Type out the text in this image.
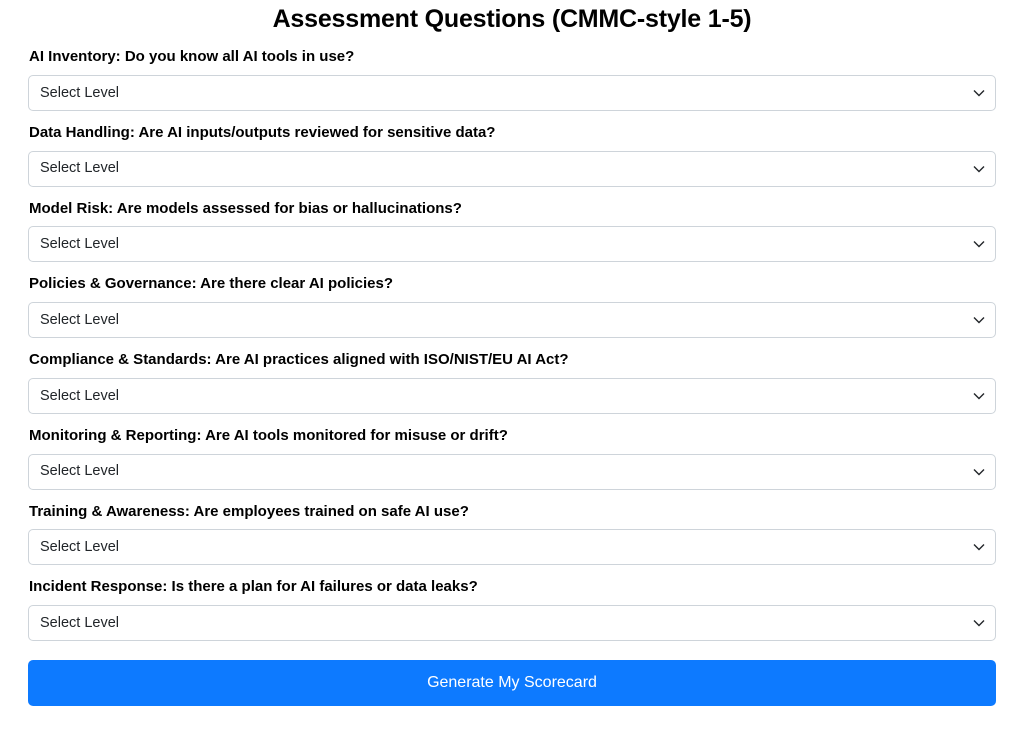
Assessment Questions (CMMC-style 1-5)
AI Inventory: Do you know all AI tools in use?
Select Level
Data Handling: Are AI inputs/outputs reviewed for sensitive data?
Select Level
Model Risk: Are models assessed for bias or hallucinations?
Select Level
Policies & Governance: Are there clear AI policies?
Select Level
Compliance & Standards: Are AI practices aligned with ISO/NIST/EU AI Act?
Select Level
Monitoring & Reporting: Are AI tools monitored for misuse or drift?
Select Level
Training & Awareness: Are employees trained on safe AI use?
Select Level
Incident Response: Is there a plan for AI failures or data leaks?
Select Level
Generate My Scorecard
